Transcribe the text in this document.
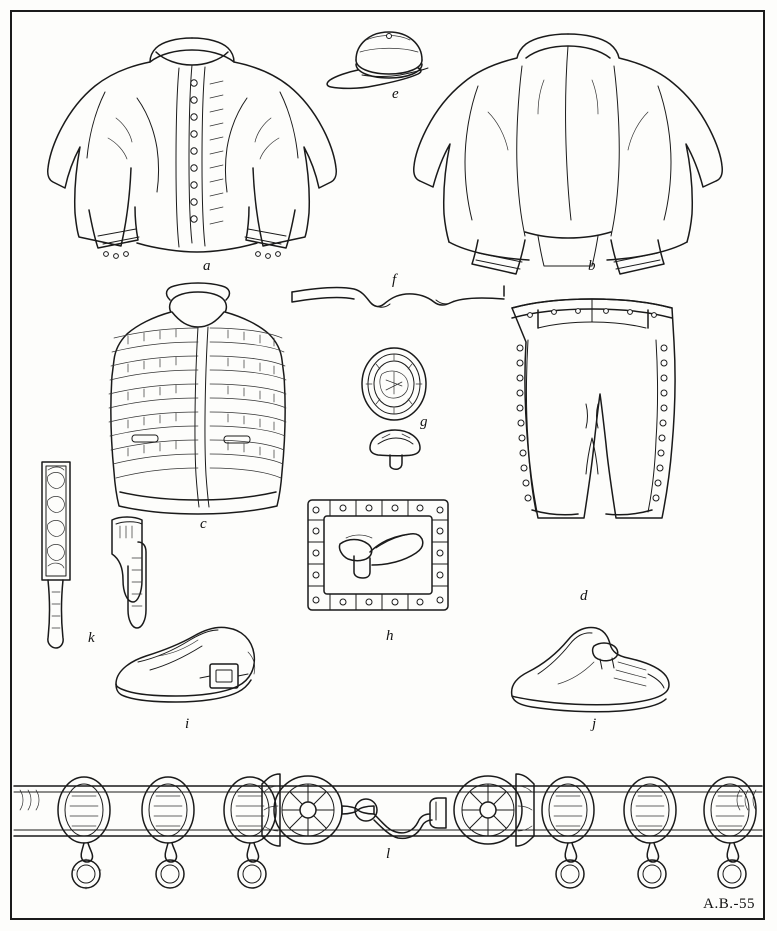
a	b
e
f
c
d
g
h
k
i	j
l
A.B.-55
